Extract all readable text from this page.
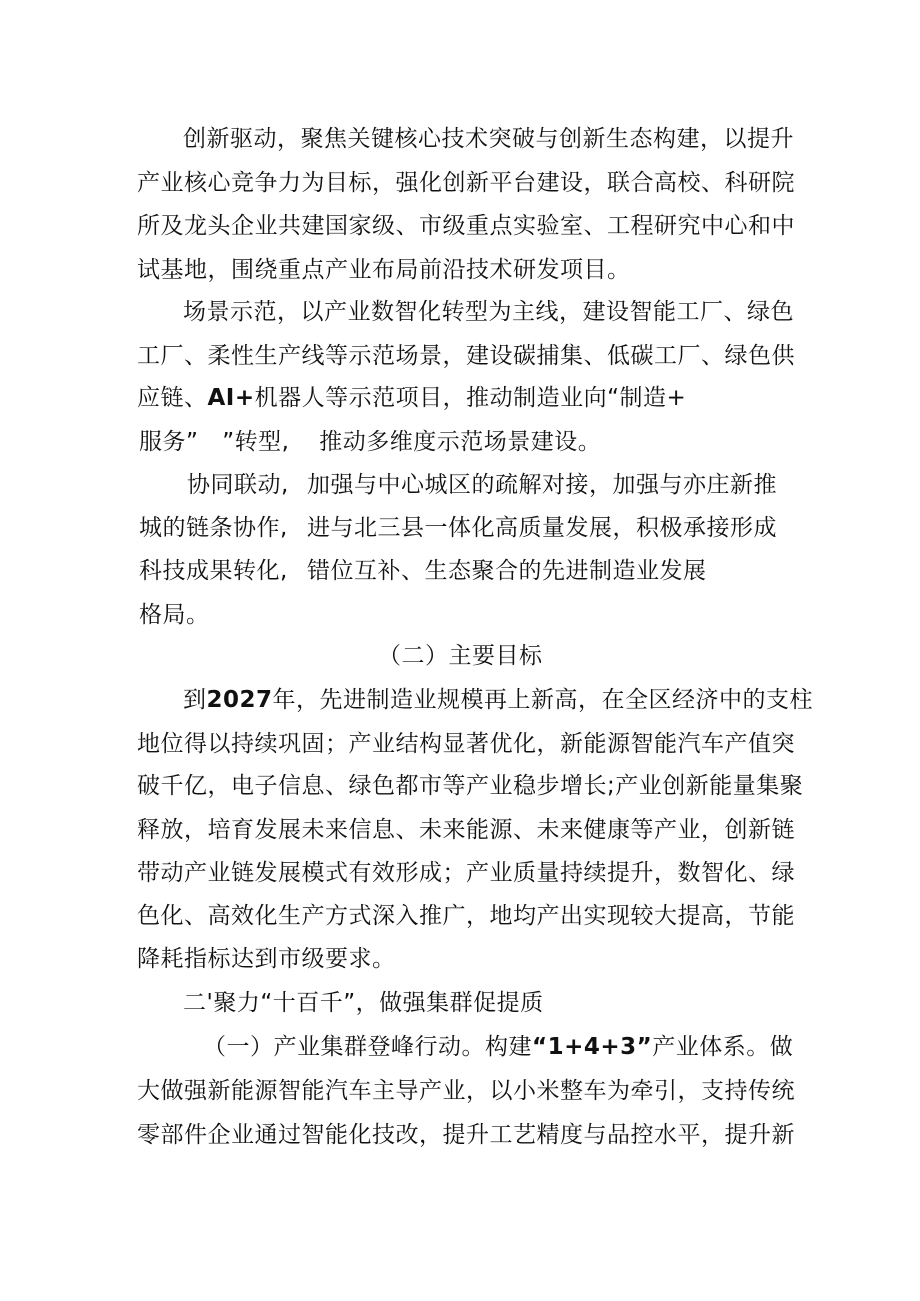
创新驱动，聚焦关键核心技术突破与创新生态构建，以提升
产业核心竞争力为目标，强化创新平台建设，联合高校、科研院
所及龙头企业共建国家级、市级重点实验室、工程研究中心和中
试基地，围绕重点产业布局前沿技术研发项目。
场景示范，以产业数智化转型为主线，建设智能工厂、绿色
工厂、柔性生产线等示范场景，建设碳捕集、低碳工厂、绿色供
应链、AI+机器人等示范项目，推动制造业向“制造+
服务” ”转型, 推动多维度示范场景建设。
协同联动, 加强与中心城区的疏解对接，加强与亦庄新推
城的链条协作, 进与北三县一体化高质量发展，积极承接形成
科技成果转化, 错位互补、生态聚合的先进制造业发展
格局。
（二）主要目标
到2027年，先进制造业规模再上新高，在全区经济中的支柱
地位得以持续巩固；产业结构显著优化，新能源智能汽车产值突
破千亿，电子信息、绿色都市等产业稳步增长;产业创新能量集聚
释放，培育发展未来信息、未来能源、未来健康等产业，创新链
带动产业链发展模式有效形成；产业质量持续提升，数智化、绿
色化、高效化生产方式深入推广，地均产出实现较大提高，节能
降耗指标达到市级要求。
二'聚力“十百千”，做强集群促提质
（一）产业集群登峰行动。构建“1+4+3”产业体系。做
大做强新能源智能汽车主导产业，以小米整车为牵引，支持传统
零部件企业通过智能化技改，提升工艺精度与品控水平，提升新
